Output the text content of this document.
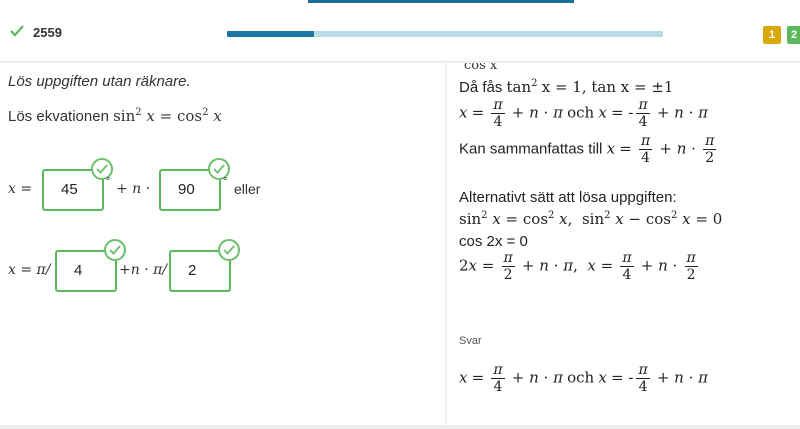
2559	1	2
Lös uppgiften utan räknare.
Lös ekvationen $\sin^2 x = \cos^2 x$
x =	45	° + n ·	90	° eller
x = π/	4	+n · π/	2
cos x
Då fås $\tan^2 x = 1$, tan x = ±1
$x = \frac{\pi}{4} + n \cdot \pi$ och x = - $\frac{\pi}{4} + n \cdot \pi$
Kan sammanfattas till $x = \frac{\pi}{4} + n \cdot \frac{\pi}{2}$
Alternativt sätt att lösa uppgiften:
$\sin^2 x = \cos^2 x$,  $\sin^2 x - \cos^2 x = 0$
cos 2x = 0
$2x = \frac{\pi}{2} + n \cdot \pi$,  $x = \frac{\pi}{4} + n \cdot \frac{\pi}{2}$
Svar
$x = \frac{\pi}{4} + n \cdot \pi$ och x = - $\frac{\pi}{4} + n \cdot \pi$
